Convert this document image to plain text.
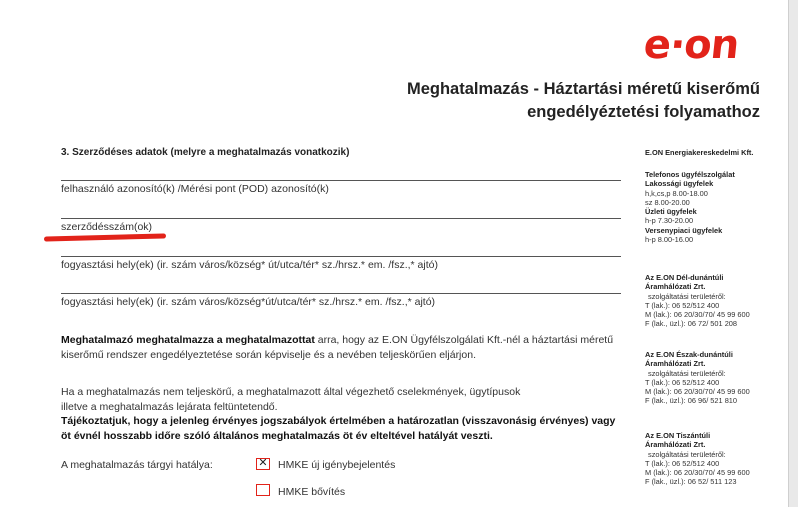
e·on
Meghatalmazás - Háztartási méretű kiserőmű
engedélyéztetési folyamathoz
3. Szerződéses adatok (melyre a meghatalmazás vonatkozik)
felhasználó azonosító(k) /Mérési pont (POD) azonosító(k)
szerződésszám(ok)
fogyasztási hely(ek) (ir. szám város/község* út/utca/tér* sz./hrsz.* em. /fsz.,* ajtó)
fogyasztási hely(ek) (ir. szám város/község*út/utca/tér* sz./hrsz.* em. /fsz.,* ajtó)
Meghatalmazó meghatalmazza a meghatalmazottat arra, hogy az E.ON Ügyfélszolgálati Kft.-nél a háztartási méretű kiserőmű rendszer engedélyeztetése során képviselje és a nevében teljeskörűen eljárjon.
Ha a meghatalmazás nem teljeskörű, a meghatalmazott által végezhető cselekmények, ügytípusok
illetve a meghatalmazás lejárata feltüntetendő.
Tájékoztatjuk, hogy a jelenleg érvényes jogszabályok értelmében a határozatlan (visszavonásig érvényes) vagy öt évnél hosszabb időre szóló általános meghatalmazás öt év elteltével hatályát veszti.
A meghatalmazás tárgyi hatálya:	✕ HMKE új igénybejelentés
HMKE bővítés
E.ON Energiakereskedelmi Kft.
Telefonos ügyfélszolgálat
Lakossági ügyfelek
h,k,cs,p 8.00-18.00
sz 8.00-20.00
Üzleti ügyfelek
h-p 7.30-20.00
Versenypiaci ügyfelek
h-p 8.00-16.00
Az E.ON Dél-dunántúli
Áramhálózati Zrt.
szolgáltatási területéről:
T (lak.): 06 52/512 400
M (lak.): 06 20/30/70/ 45 99 600
F (lak., üzl.): 06 72/ 501 208
Az E.ON Észak-dunántúli
Áramhálózati Zrt.
szolgáltatási területéről:
T (lak.): 06 52/512 400
M (lak.): 06 20/30/70/ 45 99 600
F (lak., üzl.): 06 96/ 521 810
Az E.ON Tiszántúli
Áramhálózati Zrt.
szolgáltatási területéről:
T (lak.): 06 52/512 400
M (lak.): 06 20/30/70/ 45 99 600
F (lak., üzl.): 06 52/ 511 123
